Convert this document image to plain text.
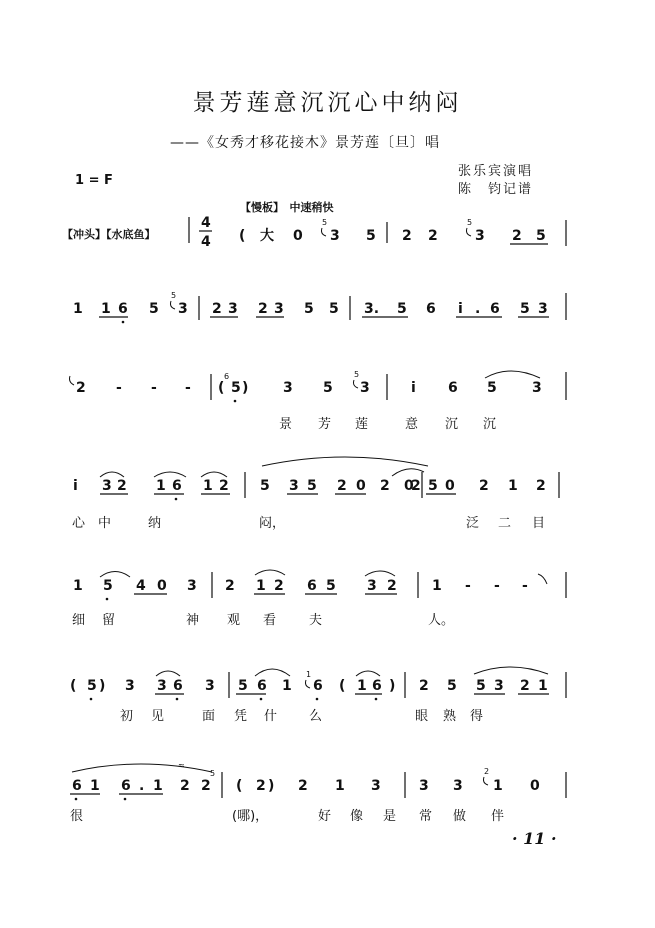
景芳莲意沉沉心中纳闷
——《女秀才移花接木》景芳莲〔旦〕唱
1 = F
张乐宾演唱
陈　钧记谱
【慢板】　中速稍快
【冲头】【水底鱼】
4
4 ( 大 0
5
3 5 2 2
5
3 2 5
1 1 6 5
5
3 2 3 2 3 5 5 3. 5 6 i . 6 5 3
2 - - - (
6
5 ) 3 5
5
3	i 6 5	3
景 芳 莲	意 沉 沉
i 3 2 1 6 1 2 5 3 5 2 0 2 0
2 5 0 2 1 2
心 中	纳	闷，	泛 二 目
1 5 4 0 3 2 1 2 6 5 3 2	1 - - -
细 留	神 观 看	夫	人。
( 5 ) 3 3 6 3 5 6 1
1
6 ( 1 6 ) 2 5 5 3 2 1
初 见	面 凭 什 么	眼 熟 得
6 1 6 . 1
≈
2 2
5
( 2 ) 2 1 3	3 3
2
1 0
很	(哪)，	好 像 是 常 做 伴
· 11 ·
